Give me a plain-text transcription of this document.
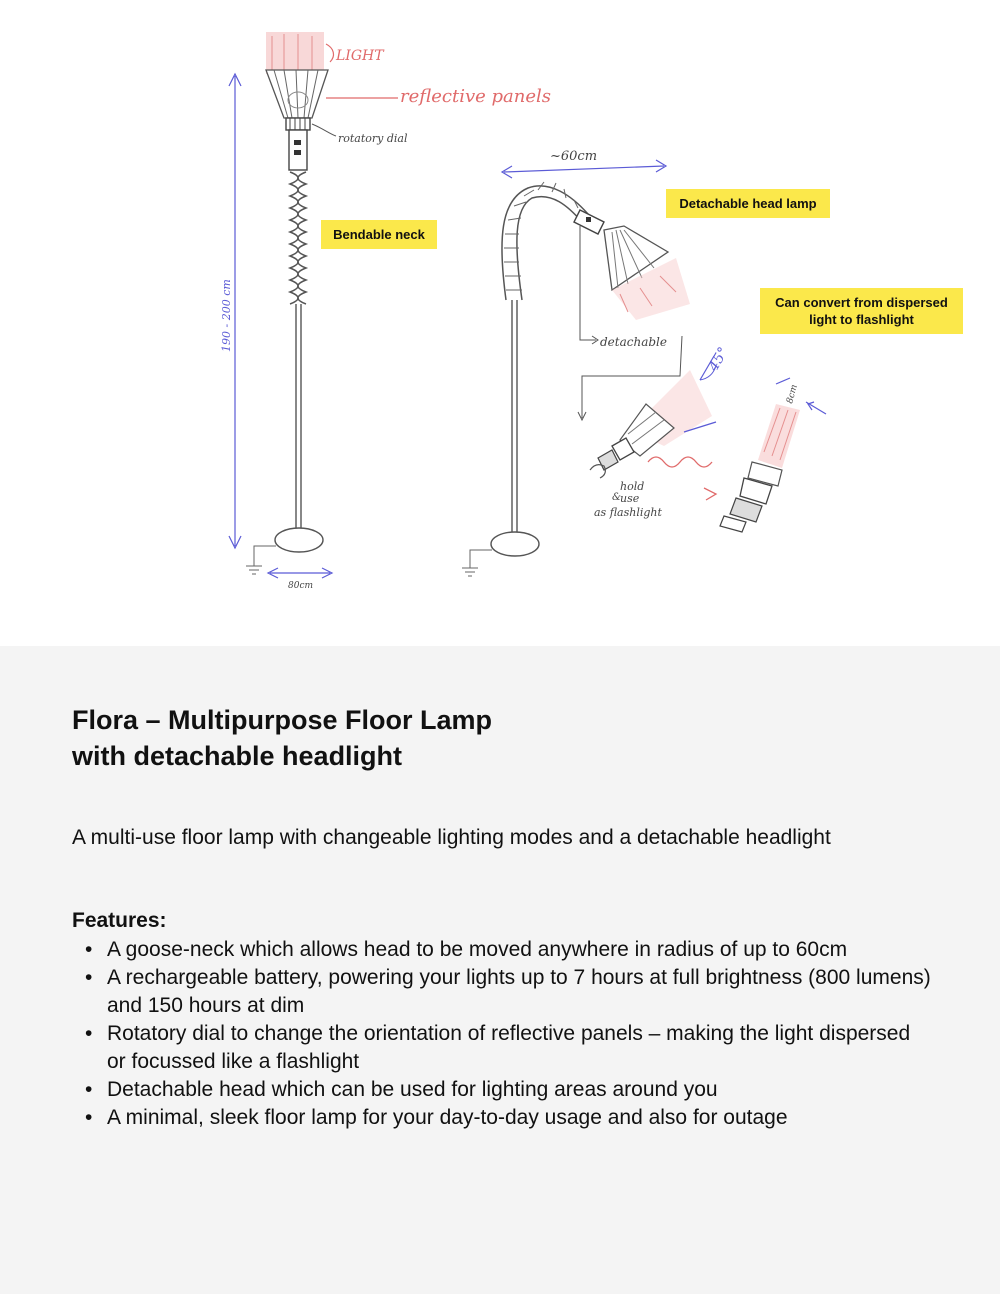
LIGHT
reflective panels
rotatory dial
190 - 200 cm
80cm
~60cm
detachable
45°
hold
& use
as flashlight
8cm
Bendable neck
Detachable head lamp
Can convert from dispersed light to flashlight
Flora – Multipurpose Floor Lamp
with detachable headlight

A multi-use floor lamp with changeable lighting modes and a detachable headlight

Features:

• A goose-neck which allows head to be moved anywhere in radius of up to 60cm
• A rechargeable battery, powering your lights up to 7 hours at full brightness (800 lumens) and 150 hours at dim
• Rotatory dial to change the orientation of reflective panels – making the light dispersed or focussed like a flashlight
• Detachable head which can be used for lighting areas around you
• A minimal, sleek floor lamp for your day-to-day usage and also for outage
